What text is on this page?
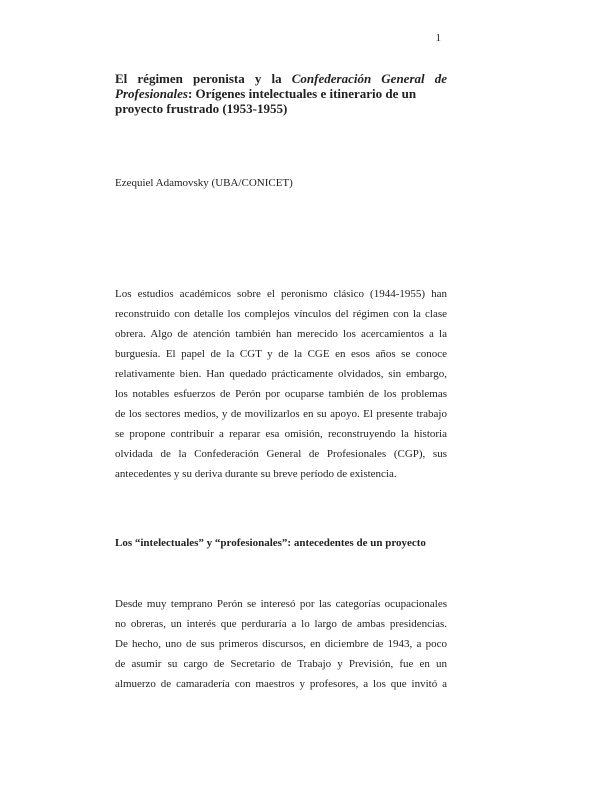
1
El régimen peronista y la Confederación General de
Profesionales: Orígenes intelectuales e itinerario de un
proyecto frustrado (1953-1955)
Ezequiel Adamovsky (UBA/CONICET)
Los estudios académicos sobre el peronismo clásico (1944-1955) han
reconstruido con detalle los complejos vínculos del régimen con la clase
obrera. Algo de atención también han merecido los acercamientos a la
burguesía. El papel de la CGT y de la CGE en esos años se conoce
relativamente bien. Han quedado prácticamente olvidados, sin embargo,
los notables esfuerzos de Perón por ocuparse también de los problemas
de los sectores medios, y de movilizarlos en su apoyo. El presente trabajo
se propone contribuir a reparar esa omisión, reconstruyendo la historia
olvidada de la Confederación General de Profesionales (CGP), sus
antecedentes y su deriva durante su breve período de existencia.
Los “intelectuales” y “profesionales”: antecedentes de un proyecto
Desde muy temprano Perón se interesó por las categorías ocupacionales
no obreras, un interés que perduraría a lo largo de ambas presidencias.
De hecho, uno de sus primeros discursos, en diciembre de 1943, a poco
de asumir su cargo de Secretario de Trabajo y Previsión, fue en un
almuerzo de camaradería con maestros y profesores, a los que invitó a
